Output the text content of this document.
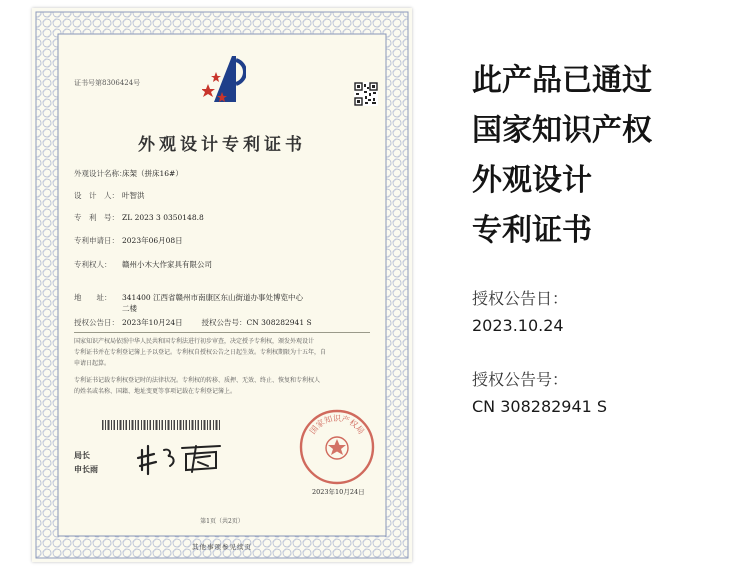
证书号第8306424号
外观设计专利证书
外观设计名称：床架（拼床16#）
设　计　人： 叶智洪
专　利　号： ZL 2023 3 0350148.8
专利申请日： 2023年06月08日
专利权人： 赣州小木大作家具有限公司
地　　址： 341400 江西省赣州市南康区东山街道办事处博览中心
二楼
授权公告日： 2023年10月24日	授权公告号：CN 308282941 S
国家知识产权局依照中华人民共和国专利法进行初步审查，决定授予专利权，颁发外观设计
专利证书并在专利登记簿上予以登记。专利权自授权公告之日起生效。专利权期限为十五年，自
申请日起算。
专利证书记载专利权登记时的法律状况。专利权的转移、质押、无效、终止、恢复和专利权人
的姓名或名称、国籍、地址变更等事项记载在专利登记簿上。
局长
申长雨
国家知识产权局
2023年10月24日
第1页（共2页）
其他事项参见续页
此产品已通过
国家知识产权
外观设计
专利证书
授权公告日：
2023.10.24
授权公告号：
CN 308282941 S
